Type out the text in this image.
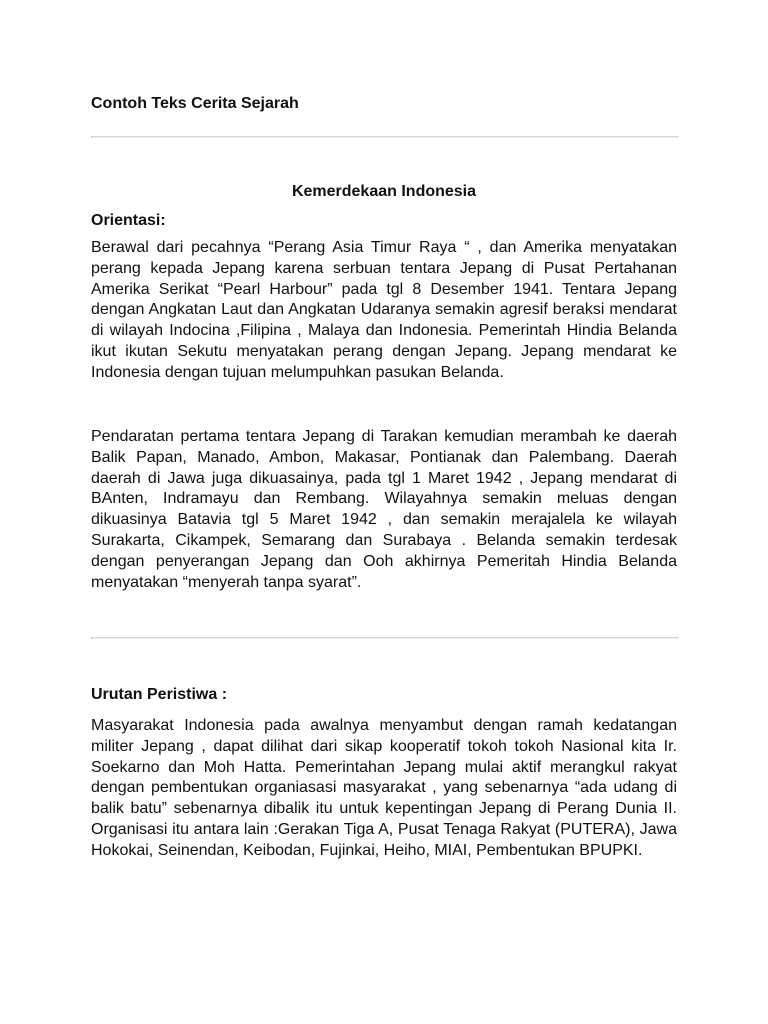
Contoh Teks Cerita Sejarah
Kemerdekaan Indonesia
Orientasi:

Berawal dari pecahnya “Perang Asia Timur Raya “ , dan Amerika menyatakan perang kepada Jepang karena serbuan tentara Jepang di Pusat Pertahanan Amerika Serikat “Pearl Harbour” pada tgl 8 Desember 1941. Tentara Jepang dengan Angkatan Laut dan Angkatan Udaranya semakin agresif beraksi mendarat di wilayah Indocina ,Filipina , Malaya dan Indonesia. Pemerintah Hindia Belanda ikut ikutan Sekutu menyatakan perang dengan Jepang. Jepang mendarat ke Indonesia dengan tujuan melumpuhkan pasukan Belanda.

Pendaratan pertama tentara Jepang di Tarakan kemudian merambah ke daerah Balik Papan, Manado, Ambon, Makasar, Pontianak dan Palembang. Daerah daerah di Jawa juga dikuasainya, pada tgl 1 Maret 1942 , Jepang mendarat di BAnten, Indramayu dan Rembang. Wilayahnya semakin meluas dengan dikuasinya Batavia tgl 5 Maret 1942 , dan semakin merajalela ke wilayah Surakarta, Cikampek, Semarang dan Surabaya . Belanda semakin terdesak dengan penyerangan Jepang dan Ooh akhirnya Pemeritah Hindia Belanda menyatakan “menyerah tanpa syarat”.

Urutan Peristiwa :

Masyarakat Indonesia pada awalnya menyambut dengan ramah kedatangan militer Jepang , dapat dilihat dari sikap kooperatif tokoh tokoh Nasional kita Ir. Soekarno dan Moh Hatta. Pemerintahan Jepang mulai aktif merangkul rakyat dengan pembentukan organiasasi masyarakat , yang sebenarnya “ada udang di balik batu” sebenarnya dibalik itu untuk kepentingan Jepang di Perang Dunia II. Organisasi itu antara lain :Gerakan Tiga A, Pusat Tenaga Rakyat (PUTERA), Jawa Hokokai, Seinendan, Keibodan, Fujinkai, Heiho, MIAI, Pembentukan BPUPKI.
